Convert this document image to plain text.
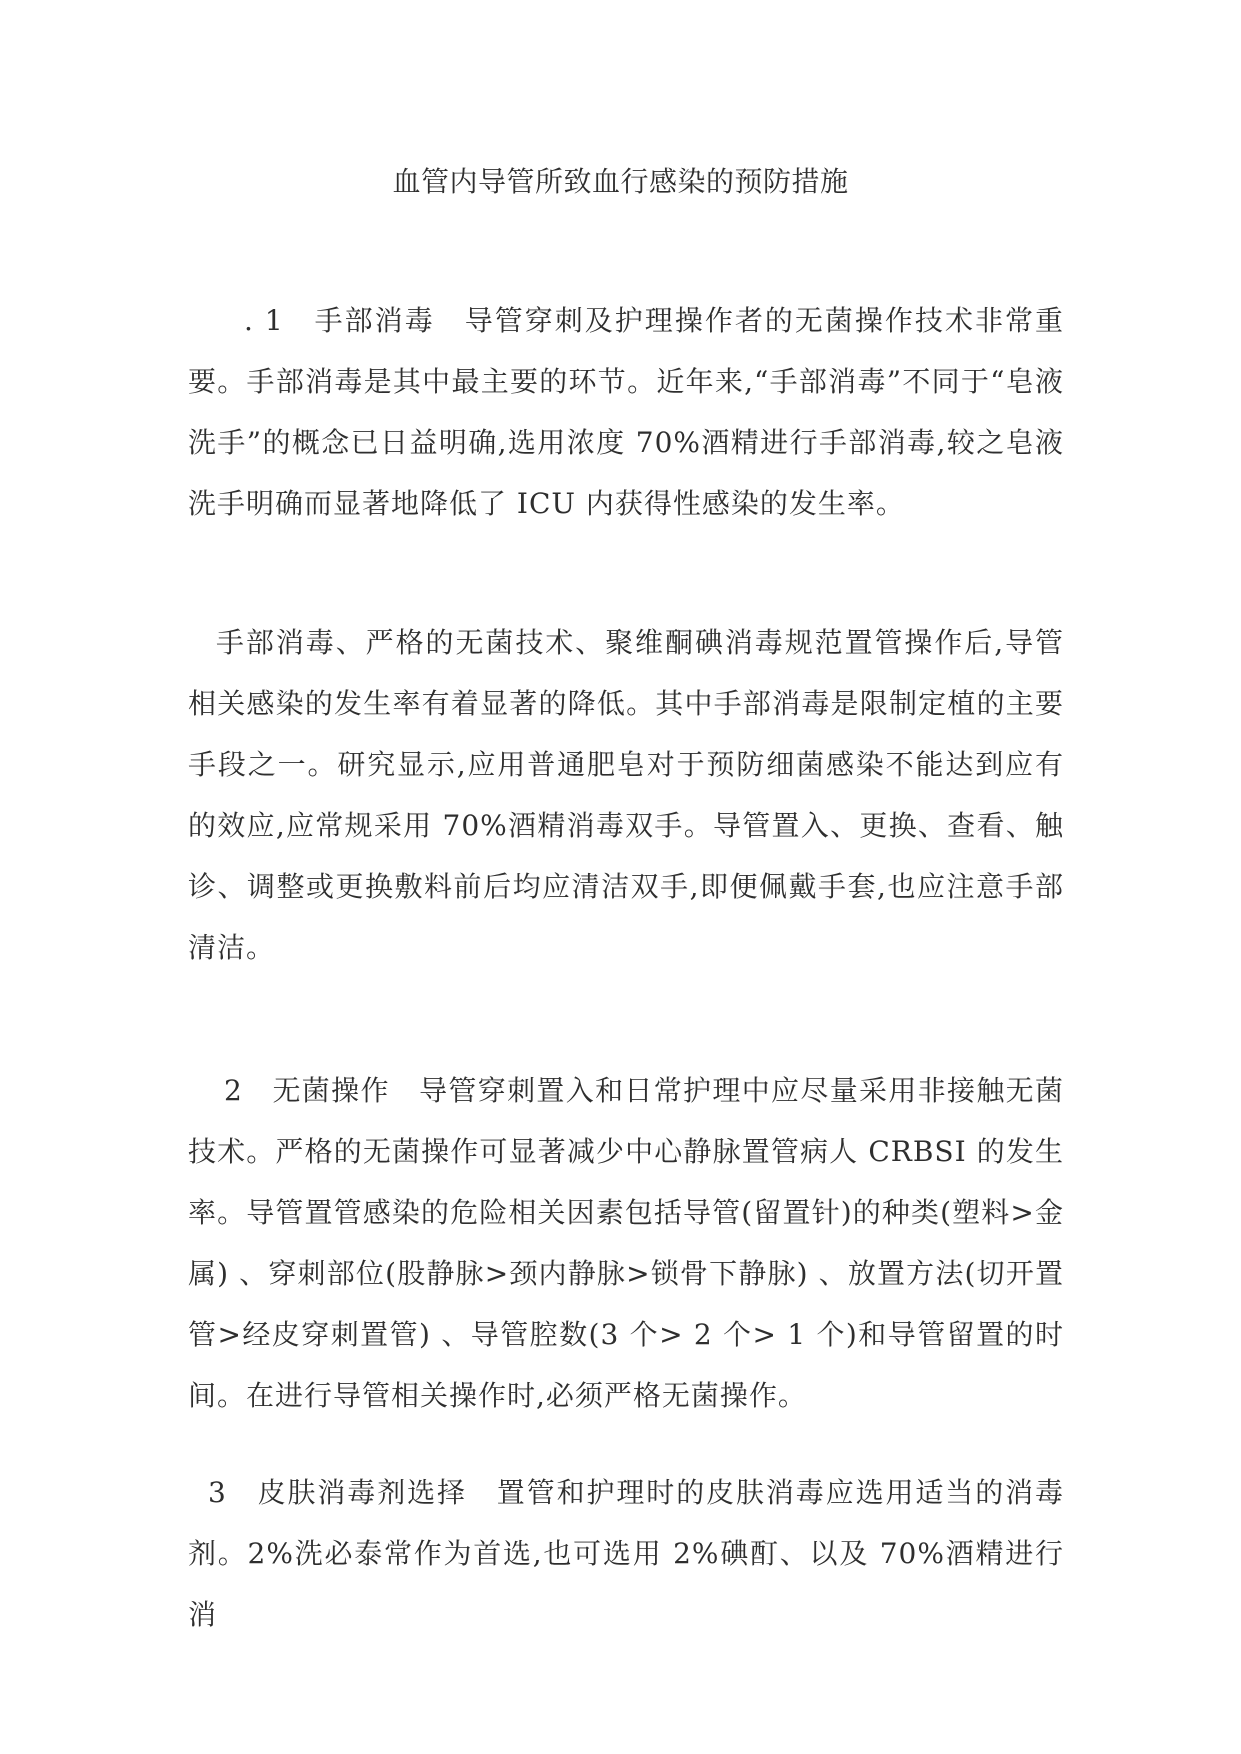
血管内导管所致血行感染的预防措施

. 1　手部消毒　导管穿刺及护理操作者的无菌操作技术非常重要。手部消毒是其中最主要的环节。近年来,“手部消毒”不同于“皂液洗手”的概念已日益明确,选用浓度 70%酒精进行手部消毒,较之皂液洗手明确而显著地降低了 ICU 内获得性感染的发生率。

手部消毒、严格的无菌技术、聚维酮碘消毒规范置管操作后,导管相关感染的发生率有着显著的降低。其中手部消毒是限制定植的主要手段之一。研究显示,应用普通肥皂对于预防细菌感染不能达到应有的效应,应常规采用 70%酒精消毒双手。导管置入、更换、查看、触诊、调整或更换敷料前后均应清洁双手,即便佩戴手套,也应注意手部清洁。

2　无菌操作　导管穿刺置入和日常护理中应尽量采用非接触无菌技术。严格的无菌操作可显著减少中心静脉置管病人 CRBSI 的发生率。导管置管感染的危险相关因素包括导管(留置针)的种类(塑料>金属) 、穿刺部位(股静脉>颈内静脉>锁骨下静脉) 、放置方法(切开置管>经皮穿刺置管) 、导管腔数(3 个> 2 个> 1 个)和导管留置的时间。在进行导管相关操作时,必须严格无菌操作。

3　皮肤消毒剂选择　置管和护理时的皮肤消毒应选用适当的消毒剂。2%洗必泰常作为首选,也可选用 2%碘酊、以及 70%酒精进行消
